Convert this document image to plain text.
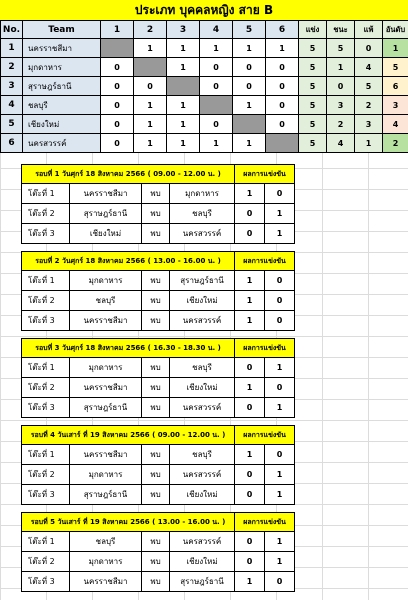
ประเภท บุคคลหญิง สาย B
No.	Team	1	2	3	4	5	6	แข่ง	ชนะ	แพ้	อันดับ
1	นครราชสีมา		1	1	1	1	1	5	5	0	1
2	มุกดาหาร	0		1	0	0	0	5	1	4	5
3	สุราษฎร์ธานี	0	0		0	0	0	5	0	5	6
4	ชลบุรี	0	1	1		1	0	5	3	2	3
5	เชียงใหม่	0	1	1	0		0	5	2	3	4
6	นครสวรรค์	0	1	1	1	1		5	4	1	2
รอบที่ 1 วันศุกร์ 18 สิงหาคม 2566 ( 09.00 - 12.00 น. )				ผลการแข่งขัน	
โต๊ะที่ 1	นครราชสีมา	พบ	มุกดาหาร	1	0
โต๊ะที่ 2	สุราษฎร์ธานี	พบ	ชลบุรี	0	1
โต๊ะที่ 3	เชียงใหม่	พบ	นครสวรรค์	0	1
รอบที่ 2 วันศุกร์ 18 สิงหาคม 2566 ( 13.00 - 16.00 น. )				ผลการแข่งขัน	
โต๊ะที่ 1	มุกดาหาร	พบ	สุราษฎร์ธานี	1	0
โต๊ะที่ 2	ชลบุรี	พบ	เชียงใหม่	1	0
โต๊ะที่ 3	นครราชสีมา	พบ	นครสวรรค์	1	0
รอบที่ 3 วันศุกร์ 18 สิงหาคม 2566 ( 16.30 - 18.30 น. )				ผลการแข่งขัน	
โต๊ะที่ 1	มุกดาหาร	พบ	ชลบุรี	0	1
โต๊ะที่ 2	นครราชสีมา	พบ	เชียงใหม่	1	0
โต๊ะที่ 3	สุราษฎร์ธานี	พบ	นครสวรรค์	0	1
รอบที่ 4 วันเสาร์ ที่ 19 สิงหาคม 2566 ( 09.00 - 12.00 น. )				ผลการแข่งขัน	
โต๊ะที่ 1	นครราชสีมา	พบ	ชลบุรี	1	0
โต๊ะที่ 2	มุกดาหาร	พบ	นครสวรรค์	0	1
โต๊ะที่ 3	สุราษฎร์ธานี	พบ	เชียงใหม่	0	1
รอบที่ 5 วันเสาร์ ที่ 19 สิงหาคม 2566 ( 13.00 - 16.00 น. )				ผลการแข่งขัน	
โต๊ะที่ 1	ชลบุรี	พบ	นครสวรรค์	0	1
โต๊ะที่ 2	มุกดาหาร	พบ	เชียงใหม่	0	1
โต๊ะที่ 3	นครราชสีมา	พบ	สุราษฎร์ธานี	1	0
